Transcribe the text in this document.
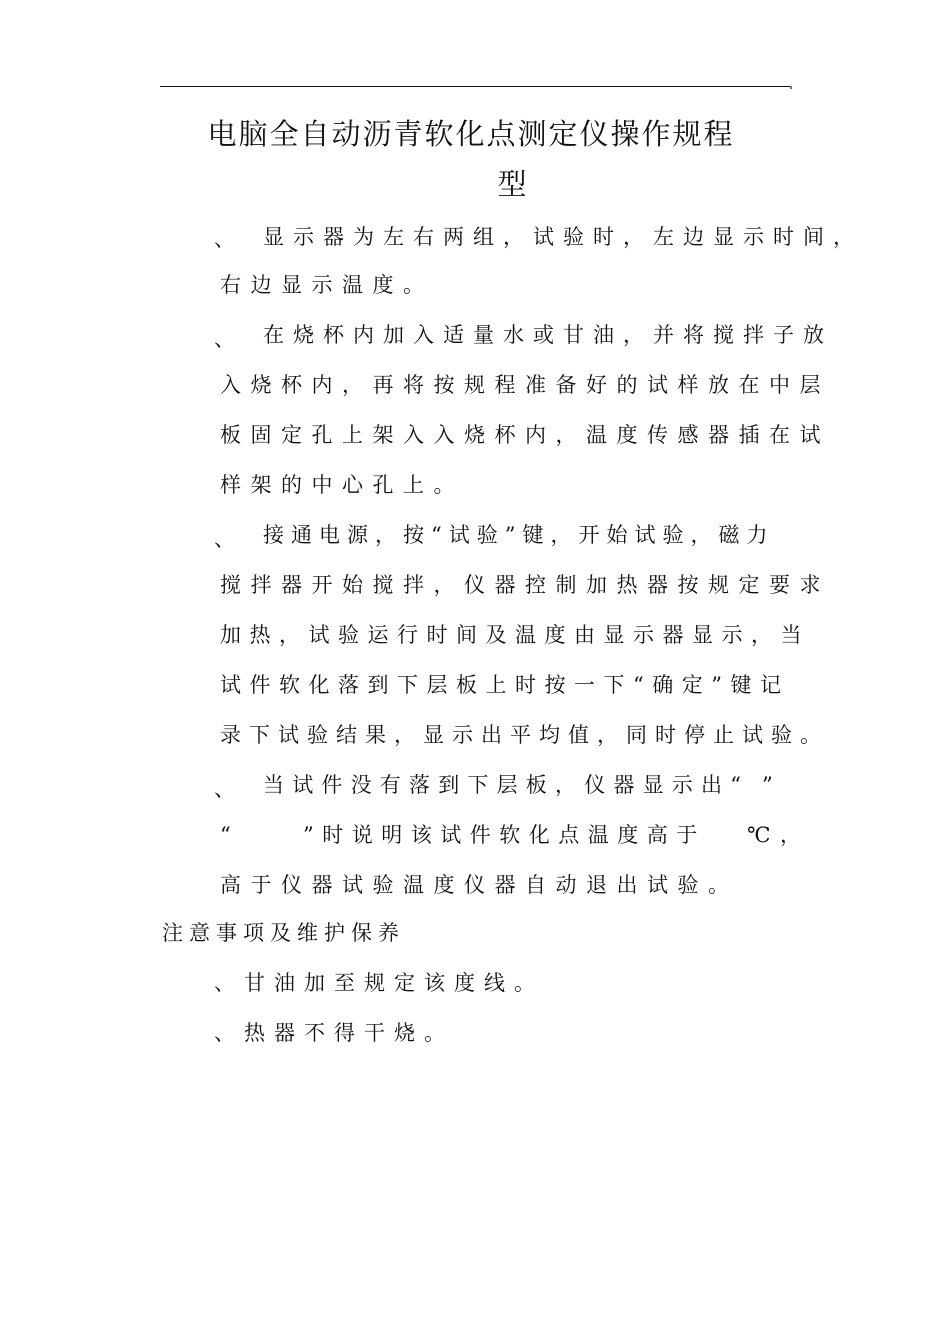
电脑全自动沥青软化点测定仪操作规程
型
、 显示器为左右两组，试验时，左边显示时间，
右边显示温度。
、 在烧杯内加入适量水或甘油，并将搅拌子放
入烧杯内，再将按规程准备好的试样放在中层
板固定孔上架入入烧杯内，温度传感器插在试
样架的中心孔上。
、 接通电源，按“试验”键，开始试验，磁力
搅拌器开始搅拌，仪器控制加热器按规定要求
加热，试验运行时间及温度由显示器显示，当
试件软化落到下层板上时按一下“确定”键记
录下试验结果，显示出平均值，同时停止试验。
、 当试件没有落到下层板，仪器显示出“ ”
“	”时说明该试件软化点温度高于 ℃，
高于仪器试验温度仪器自动退出试验。
注意事项及维护保养
、甘油加至规定该度线。
、热器不得干烧。
